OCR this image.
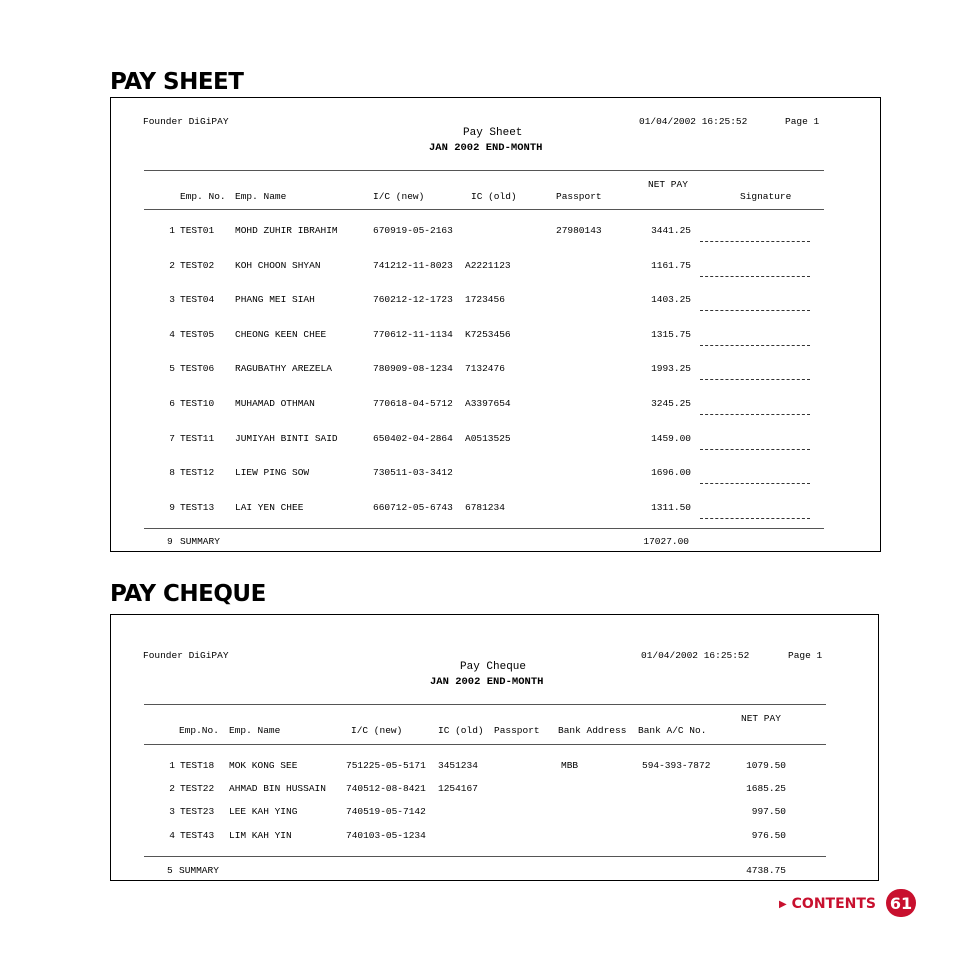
PAY SHEET
Founder DiGiPAY	01/04/2002 16:25:52	Page 1
Pay Sheet
JAN 2002 END-MONTH
NET PAY
Emp. No. Emp. Name	I/C (new)	IC (old)	Passport	Signature
1 TEST01 MOHD ZUHIR IBRAHIM	670919-05-2163	27980143	3441.25
2 TEST02 KOH CHOON SHYAN	741212-11-8023 A2221123	1161.75
3 TEST04 PHANG MEI SIAH	760212-12-1723 1723456	1403.25
4 TEST05 CHEONG KEEN CHEE	770612-11-1134 K7253456	1315.75
5 TEST06 RAGUBATHY AREZELA	780909-08-1234 7132476	1993.25
6 TEST10 MUHAMAD OTHMAN	770618-04-5712 A3397654	3245.25
7 TEST11 JUMIYAH BINTI SAID	650402-04-2864 A0513525	1459.00
8 TEST12 LIEW PING SOW	730511-03-3412	1696.00
9 TEST13 LAI YEN CHEE	660712-05-6743 6781234	1311.50
9 SUMMARY	17027.00
PAY CHEQUE
Founder DiGiPAY	01/04/2002 16:25:52	Page 1
Pay Cheque
JAN 2002 END-MONTH
NET PAY
Emp.No. Emp. Name	I/C (new)	IC (old) Passport Bank Address Bank A/C No.
1 TEST18 MOK KONG SEE	751225-05-5171 3451234	MBB	594-393-7872	1079.50
2 TEST22 AHMAD BIN HUSSAIN 740512-08-8421 1254167	1685.25
3 TEST23 LEE KAH YING	740519-05-7142	997.50
4 TEST43 LIM KAH YIN	740103-05-1234	976.50
5 SUMMARY	4738.75
▶ CONTENTS 61
